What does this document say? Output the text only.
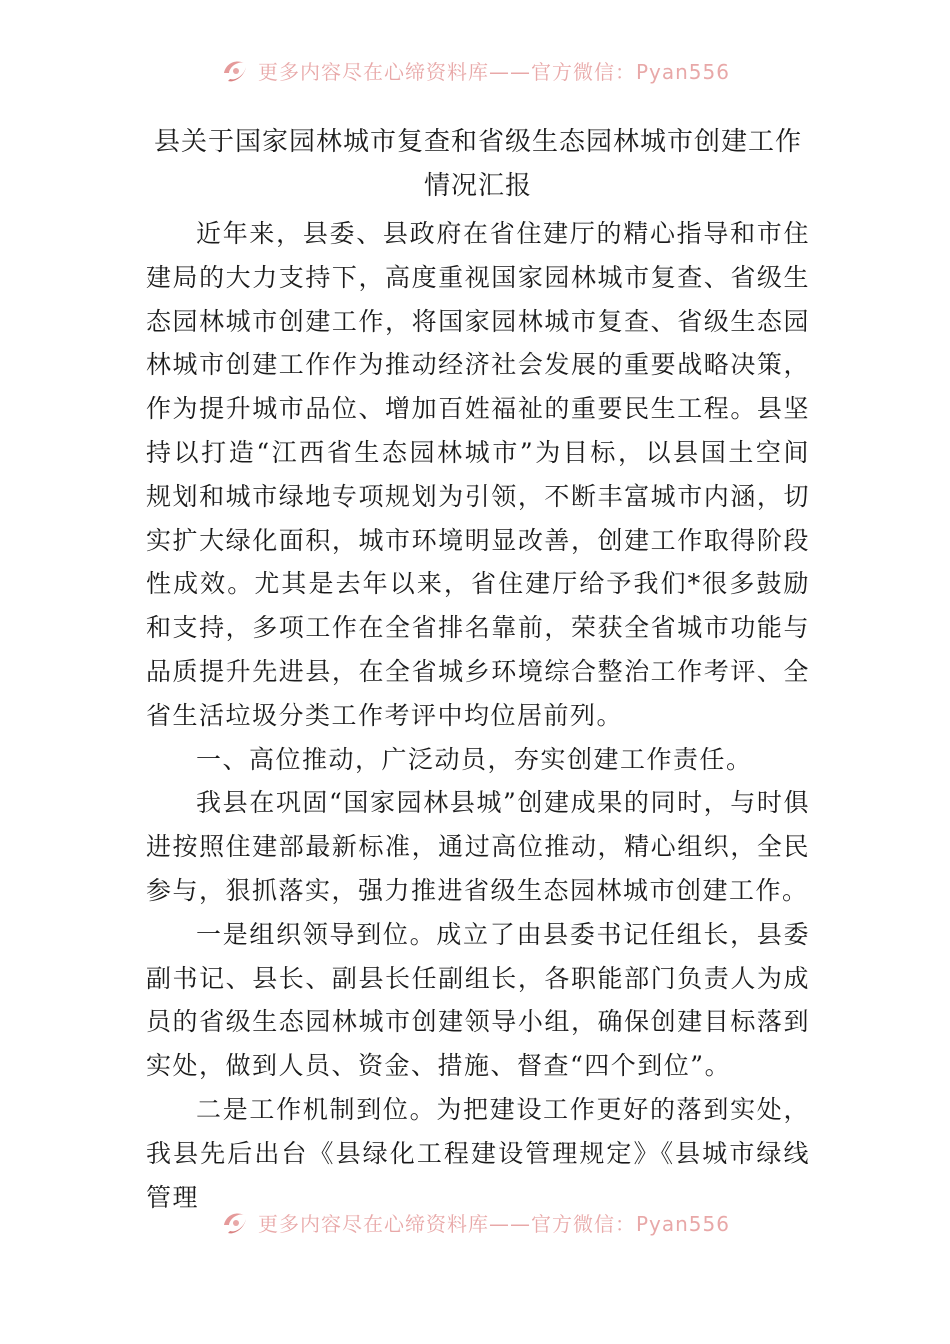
更多内容尽在心缔资料库——官方微信：Pyan556
县关于国家园林城市复查和省级生态园林城市创建工作情况汇报

近年来，县委、县政府在省住建厅的精心指导和市住建局的大力支持下，高度重视国家园林城市复查、省级生态园林城市创建工作，将国家园林城市复查、省级生态园林城市创建工作作为推动经济社会发展的重要战略决策，作为提升城市品位、增加百姓福祉的重要民生工程。县坚持以打造“江西省生态园林城市”为目标，以县国土空间规划和城市绿地专项规划为引领，不断丰富城市内涵，切实扩大绿化面积，城市环境明显改善，创建工作取得阶段性成效。尤其是去年以来，省住建厅给予我们*很多鼓励和支持，多项工作在全省排名靠前，荣获全省城市功能与品质提升先进县，在全省城乡环境综合整治工作考评、全省生活垃圾分类工作考评中均位居前列。

一、高位推动，广泛动员，夯实创建工作责任。

我县在巩固“国家园林县城”创建成果的同时，与时俱进按照住建部最新标准，通过高位推动，精心组织，全民参与，狠抓落实，强力推进省级生态园林城市创建工作。

一是组织领导到位。成立了由县委书记任组长，县委副书记、县长、副县长任副组长，各职能部门负责人为成员的省级生态园林城市创建领导小组，确保创建目标落到实处，做到人员、资金、措施、督查“四个到位”。

二是工作机制到位。为把建设工作更好的落到实处，我县先后出台《县绿化工程建设管理规定》《县城市绿线管理

更多内容尽在心缔资料库——官方微信：Pyan556
